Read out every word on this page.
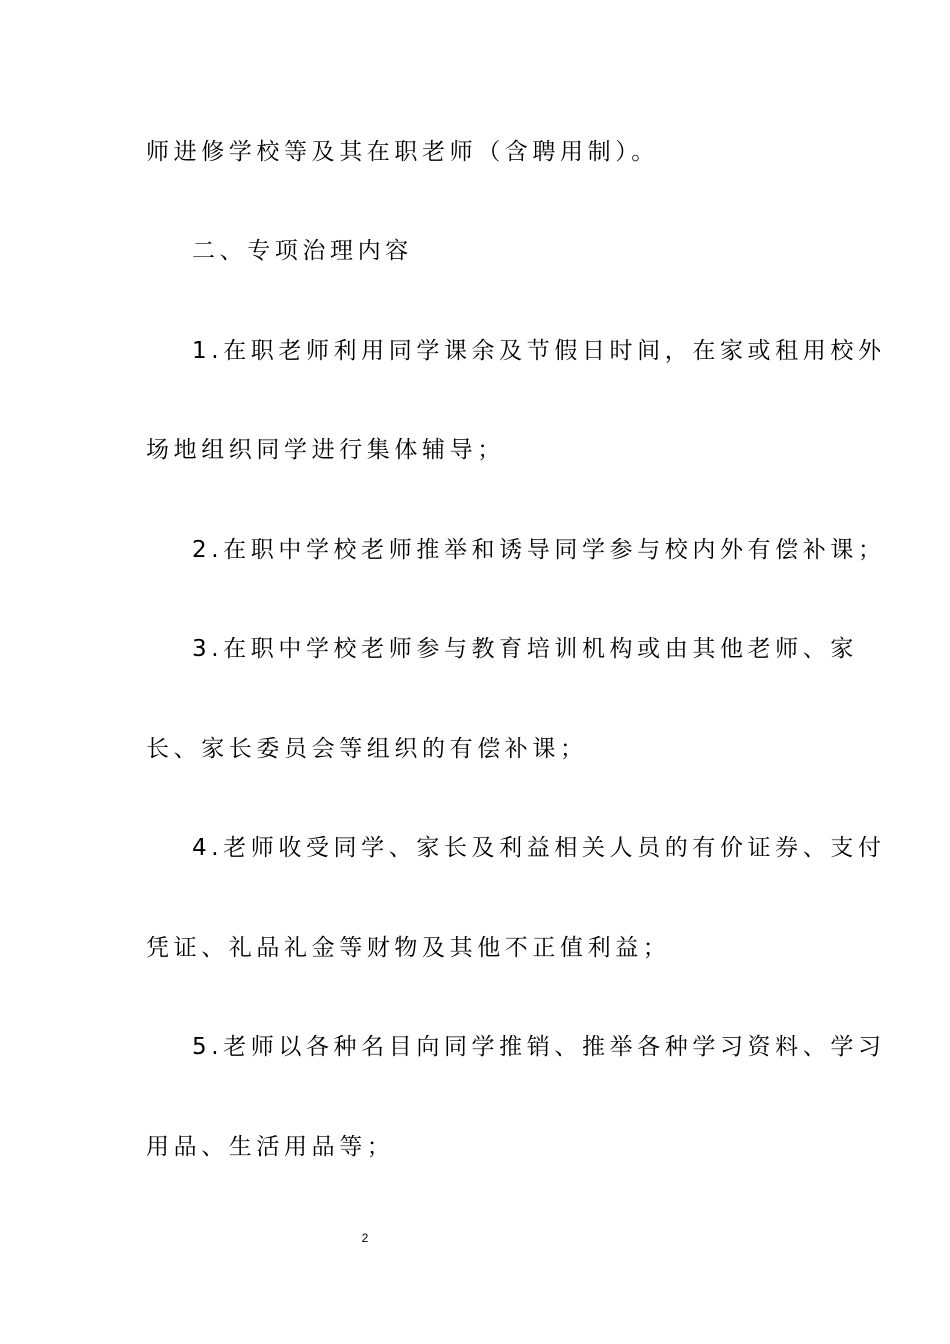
师进修学校等及其在职老师（含聘用制）。
二、专项治理内容
1.在职老师利用同学课余及节假日时间，在家或租用校外
场地组织同学进行集体辅导；
2.在职中学校老师推举和诱导同学参与校内外有偿补课；
3.在职中学校老师参与教育培训机构或由其他老师、家
长、家长委员会等组织的有偿补课；
4.老师收受同学、家长及利益相关人员的有价证券、支付
凭证、礼品礼金等财物及其他不正值利益；
5.老师以各种名目向同学推销、推举各种学习资料、学习
用品、生活用品等；
2
